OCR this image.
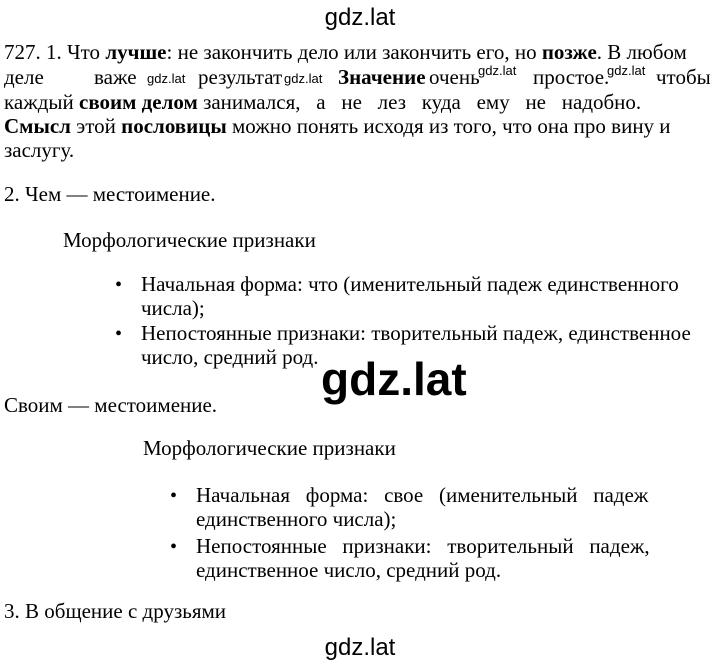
gdz.lat
727. 1. Что лучше: не закончить дело или закончить его, но позже. В любом
деле важе gdz.lat результат gdz.lat Значение очень
gdz.lat простое.
gdz.lat чтобы
каждый своим делом занимался,   а   не   лез   куда   ему   не   надобно.
Смысл этой пословицы можно понять исходя из того, что она про вину и
заслугу.
2. Чем — местоимение.
Морфологические признаки
• Начальная форма: что (именительный падеж единственного
числа);
• Непостоянные признаки: творительный падеж, единственное
число, средний род. gdz.lat
Своим — местоимение.
Морфологические признаки
• Начальная   форма:   свое   (именительный   падеж
единственного числа);
• Непостоянные   признаки:   творительный   падеж,
единственное число, средний род.
3. В общение с друзьями
gdz.lat
